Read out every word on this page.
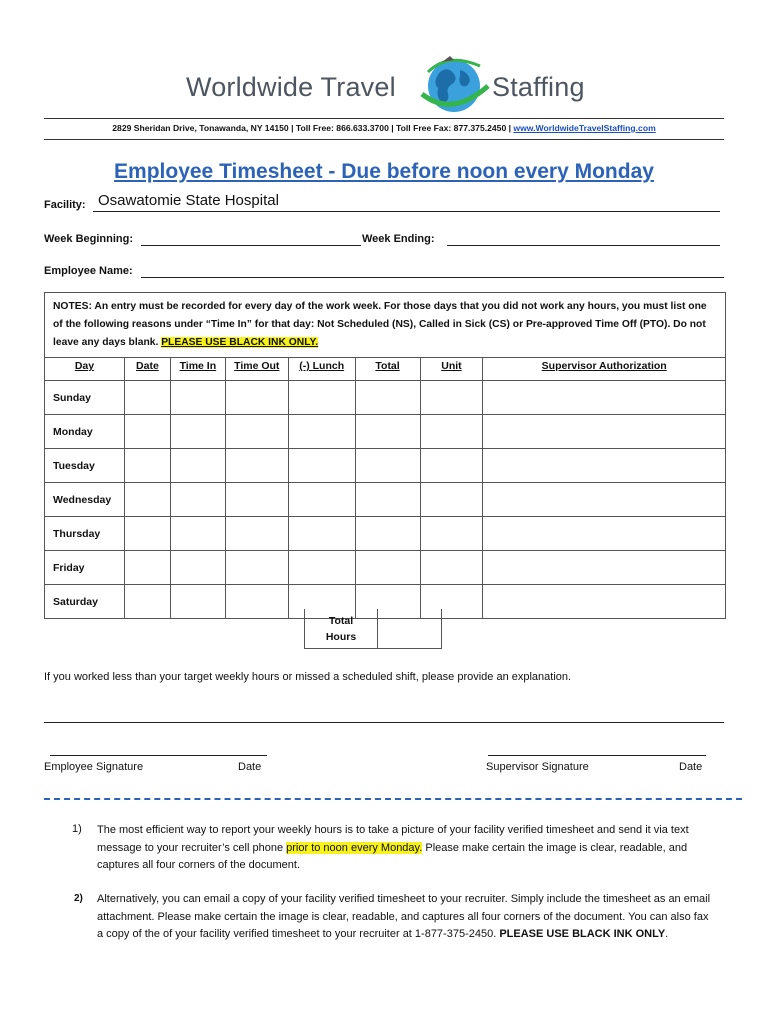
Worldwide Travel	Staffing
2829 Sheridan Drive, Tonawanda, NY 14150 | Toll Free: 866.633.3700 | Toll Free Fax: 877.375.2450 | www.WorldwideTravelStaffing.com
Employee Timesheet - Due before noon every Monday
Facility: Osawatomie State Hospital
Week Beginning:	Week Ending:
Employee Name:
NOTES: An entry must be recorded for every day of the work week. For those days that you did not work any hours, you must list one of the following reasons under “Time In” for that day: Not Scheduled (NS), Called in Sick (CS) or Pre-approved Time Off (PTO). Do not leave any days blank. PLEASE USE BLACK INK ONLY.							
Day	Date	Time In	Time Out	(-) Lunch	Total	Unit	Supervisor Authorization
Sunday							
Monday							
Tuesday							
Wednesday							
Thursday							
Friday							
Saturday							
Total
Hours
If you worked less than your target weekly hours or missed a scheduled shift, please provide an explanation.
Employee Signature	Date	Supervisor Signature	Date
1) The most efficient way to report your weekly hours is to take a picture of your facility verified timesheet and send it via text message to your recruiter’s cell phone prior to noon every Monday. Please make certain the image is clear, readable, and captures all four corners of the document.
2) Alternatively, you can email a copy of your facility verified timesheet to your recruiter. Simply include the timesheet as an email attachment. Please make certain the image is clear, readable, and captures all four corners of the document. You can also fax a copy of the of your facility verified timesheet to your recruiter at 1-877-375-2450. PLEASE USE BLACK INK ONLY.
